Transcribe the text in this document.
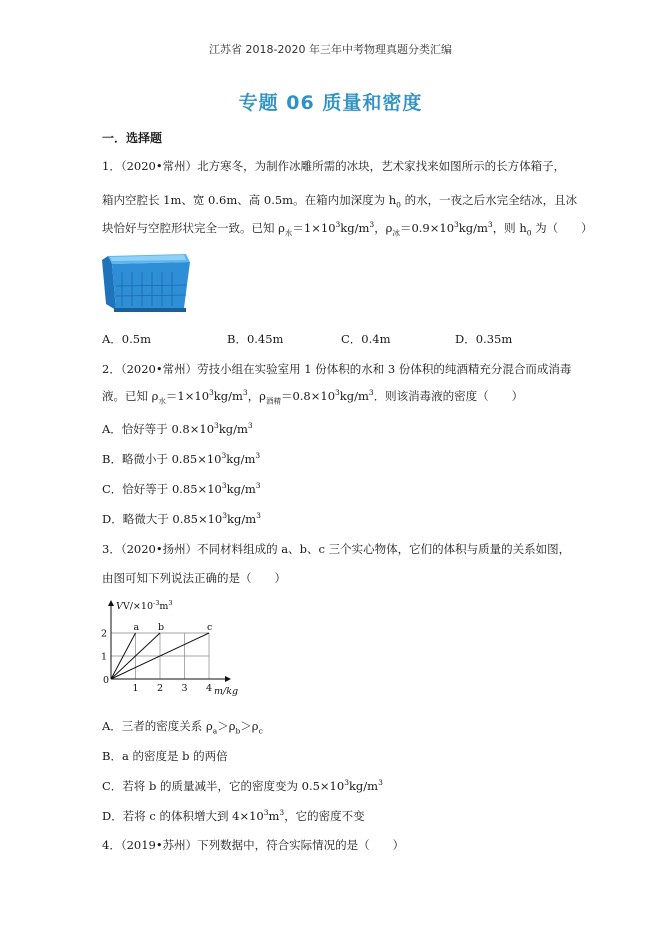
江苏省 2018-2020 年三年中考物理真题分类汇编
专题 06 质量和密度
一．选择题
1．（2020•常州）北方寒冬，为制作冰雕所需的冰块，艺术家找来如图所示的长方体箱子，
箱内空腔长 1m、宽 0.6m、高 0.5m。在箱内加深度为 $h_0$ 的水，一夜之后水完全结冰，且冰
块恰好与空腔形状完全一致。已知 $\rho_水=1\times 10^3kg/m^3$，$\rho_冰=0.9\times 10^3kg/m^3$，则 $h_0$ 为（　　）
A．0.5m	B．0.45m	C．0.4m	D．0.35m
2．（2020•常州）劳技小组在实验室用 1 份体积的水和 3 份体积的纯酒精充分混合而成消毒
液。已知 $\rho_水=1\times 10^3kg/m^3$，$\rho_{酒精}=0.8\times 10^3kg/m^3$．则该消毒液的密度（　　）
A．恰好等于 $0.8\times 10^3kg/m^3$
B．略微小于 $0.85\times 10^3kg/m^3$
C．恰好等于 $0.85\times 10^3kg/m^3$
D．略微大于 $0.85\times 10^3kg/m^3$
3．（2020•扬州）不同材料组成的 a、b、c 三个实心物体，它们的体积与质量的关系如图，
由图可知下列说法正确的是（　　）
1 2 3 4
1
2
a b	c
$VV/\times 10^{-3}m^3$
m/kg
0
A．三者的密度关系 $\rho_a>\rho_b>\rho_c$
B．a 的密度是 b 的两倍
C．若将 b 的质量减半，它的密度变为 $0.5\times 10^3kg/m^3$
D．若将 c 的体积增大到 $4\times 10^3m^3$，它的密度不变
4．（2019•苏州）下列数据中，符合实际情况的是（　　）
